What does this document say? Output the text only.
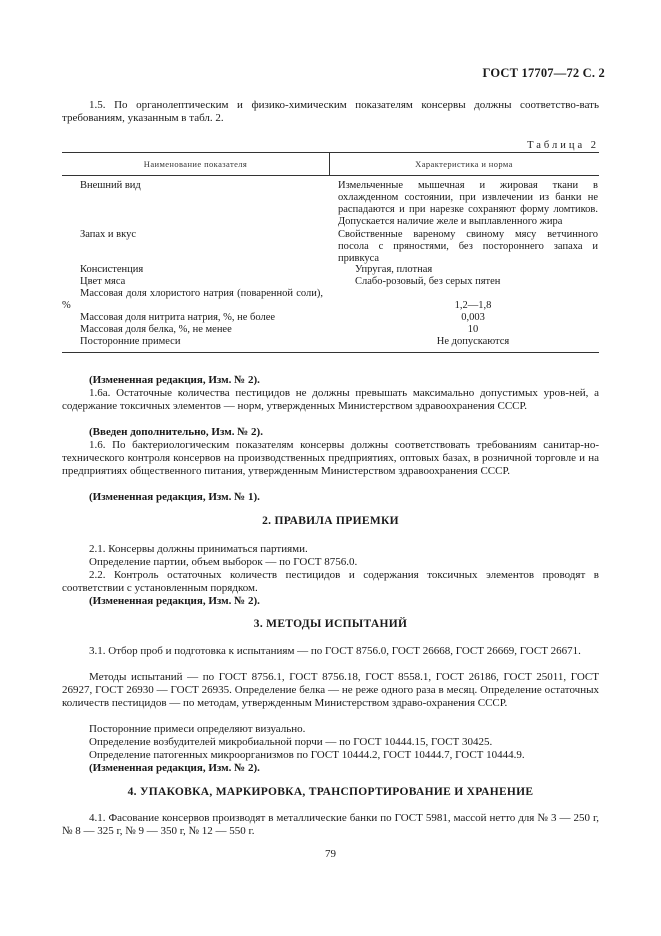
ГОСТ 17707—72 С. 2
1.5. По органолептическим и физико-химическим показателям консервы должны соответство-вать требованиям, указанным в табл. 2.
Таблица 2
Наименование показателя	Характеристика и норма
Внешний вид	Измельченные мышечная и жировая ткани в охлажденном состоянии, при извлечении из банки не распадаются и при нарезке сохраняют форму ломтиков. Допускается наличие желе и выплавленного жира
Запах и вкус	Свойственные вареному свиному мясу ветчинного посола с пряностями, без постороннего запаха и привкуса
Консистенция	Упругая, плотная
Цвет мяса	Слабо-розовый, без серых пятен
Массовая доля хлористого натрия (поваренной соли), %	1,2—1,8
Массовая доля нитрита натрия, %, не более	0,003
Массовая доля белка, %, не менее	10
Посторонние примеси	Не допускаются
(Измененная редакция, Изм. № 2).
1.6а. Остаточные количества пестицидов не должны превышать максимально допустимых уров-ней, а содержание токсичных элементов — норм, утвержденных Министерством здравоохранения СССР.
(Введен дополнительно, Изм. № 2).
1.6. По бактериологическим показателям консервы должны соответствовать требованиям санитар-но-технического контроля консервов на производственных предприятиях, оптовых базах, в розничной торговле и на предприятиях общественного питания, утвержденным Министерством здравоохранения СССР.
(Измененная редакция, Изм. № 1).
2. ПРАВИЛА ПРИЕМКИ
2.1. Консервы должны приниматься партиями.
Определение партии, объем выборок — по ГОСТ 8756.0.
2.2. Контроль остаточных количеств пестицидов и содержания токсичных элементов проводят в соответствии с установленным порядком.
(Измененная редакция, Изм. № 2).
3. МЕТОДЫ ИСПЫТАНИЙ
3.1. Отбор проб и подготовка к испытаниям — по ГОСТ 8756.0, ГОСТ 26668, ГОСТ 26669, ГОСТ 26671.
Методы испытаний — по ГОСТ 8756.1, ГОСТ 8756.18, ГОСТ 8558.1, ГОСТ 26186, ГОСТ 25011, ГОСТ 26927, ГОСТ 26930 — ГОСТ 26935. Определение белка — не реже одного раза в месяц. Определение остаточных количеств пестицидов — по методам, утвержденным Министерством здраво-охранения СССР.
Посторонние примеси определяют визуально.
Определение возбудителей микробиальной порчи — по ГОСТ 10444.15, ГОСТ 30425.
Определение патогенных микроорганизмов по ГОСТ 10444.2, ГОСТ 10444.7, ГОСТ 10444.9.
(Измененная редакция, Изм. № 2).
4. УПАКОВКА, МАРКИРОВКА, ТРАНСПОРТИРОВАНИЕ И ХРАНЕНИЕ
4.1. Фасование консервов производят в металлические банки по ГОСТ 5981, массой нетто для № 3 — 250 г, № 8 — 325 г, № 9 — 350 г, № 12 — 550 г.
79
